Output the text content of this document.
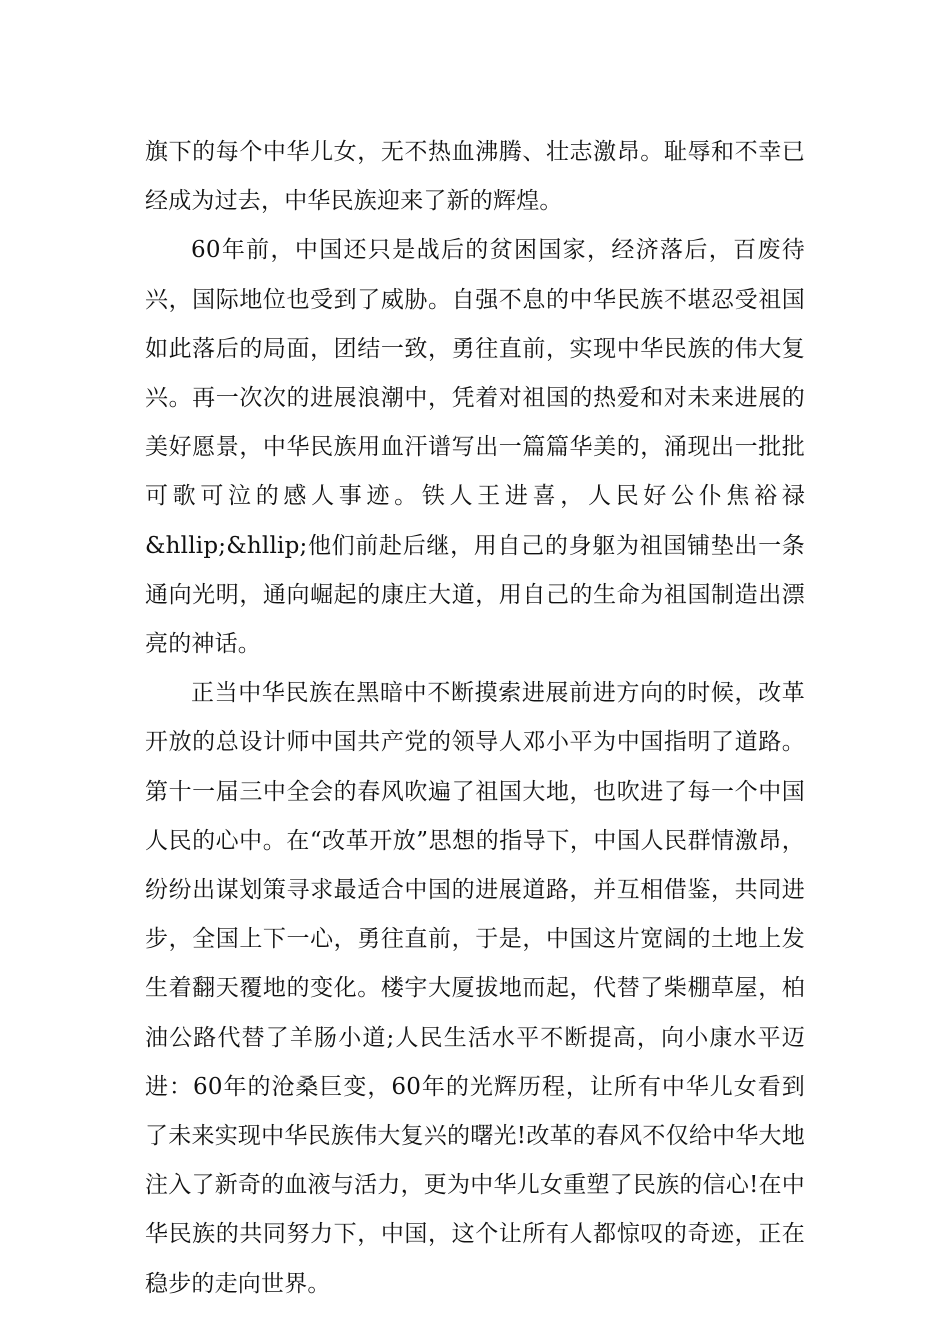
旗下的每个中华儿女，无不热血沸腾、壮志激昂。耻辱和不幸已经成为过去，中华民族迎来了新的辉煌。

60年前，中国还只是战后的贫困国家，经济落后，百废待兴，国际地位也受到了威胁。自强不息的中华民族不堪忍受祖国如此落后的局面，团结一致，勇往直前，实现中华民族的伟大复兴。再一次次的进展浪潮中，凭着对祖国的热爱和对未来进展的美好愿景，中华民族用血汗谱写出一篇篇华美的，涌现出一批批可歌可泣的感人事迹。铁人王进喜，人民好公仆焦裕禄&hllip;&hllip;他们前赴后继，用自己的身躯为祖国铺垫出一条通向光明，通向崛起的康庄大道，用自己的生命为祖国制造出漂亮的神话。

正当中华民族在黑暗中不断摸索进展前进方向的时候，改革开放的总设计师中国共产党的领导人邓小平为中国指明了道路。第十一届三中全会的春风吹遍了祖国大地，也吹进了每一个中国人民的心中。在“改革开放”思想的指导下，中国人民群情激昂，纷纷出谋划策寻求最适合中国的进展道路，并互相借鉴，共同进步，全国上下一心，勇往直前，于是，中国这片宽阔的土地上发生着翻天覆地的变化。楼宇大厦拔地而起，代替了柴棚草屋，柏油公路代替了羊肠小道;人民生活水平不断提高，向小康水平迈进：60年的沧桑巨变，60年的光辉历程，让所有中华儿女看到了未来实现中华民族伟大复兴的曙光!改革的春风不仅给中华大地注入了新奇的血液与活力，更为中华儿女重塑了民族的信心!在中华民族的共同努力下，中国，这个让所有人都惊叹的奇迹，正在稳步的走向世界。
